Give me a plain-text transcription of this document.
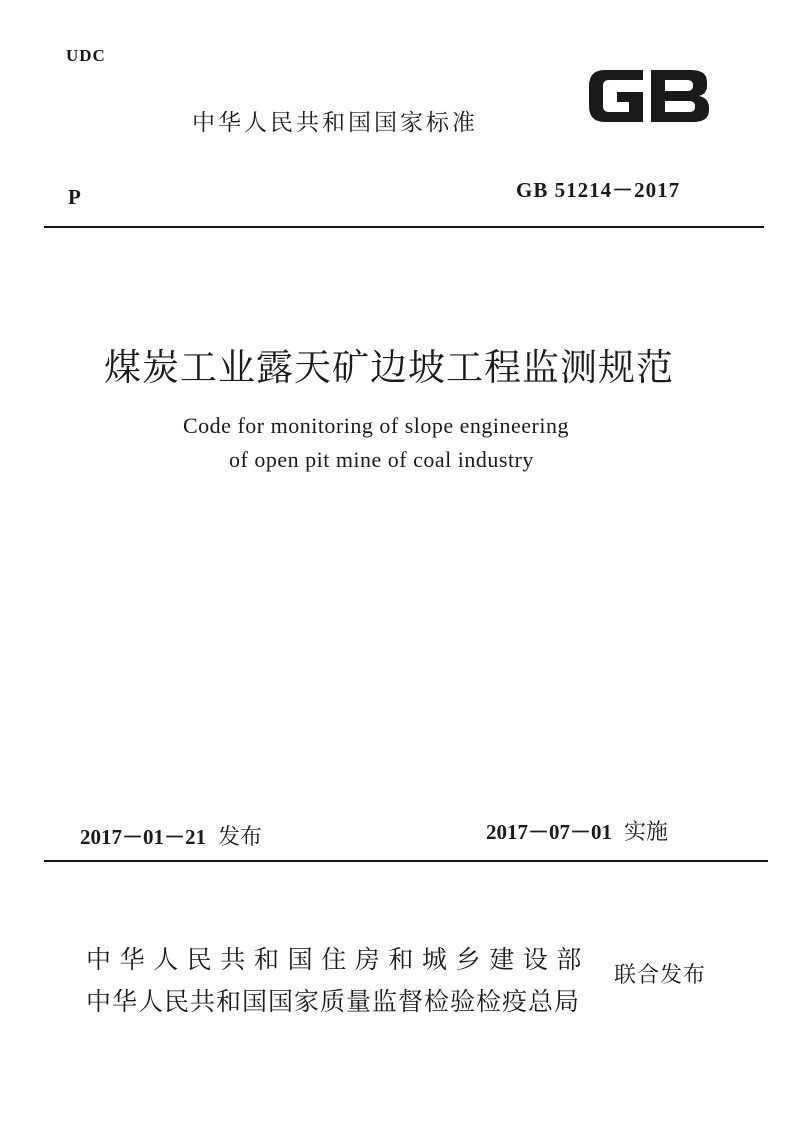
UDC
中华人民共和国国家标准
GB
P	GB 51214－2017
煤炭工业露天矿边坡工程监测规范
Code for monitoring of slope engineering
of open pit mine of coal industry
2017－01－21 发布	2017－07－01 实施
中华人民共和国住房和城乡建设部
中华人民共和国国家质量监督检验检疫总局
联合发布
